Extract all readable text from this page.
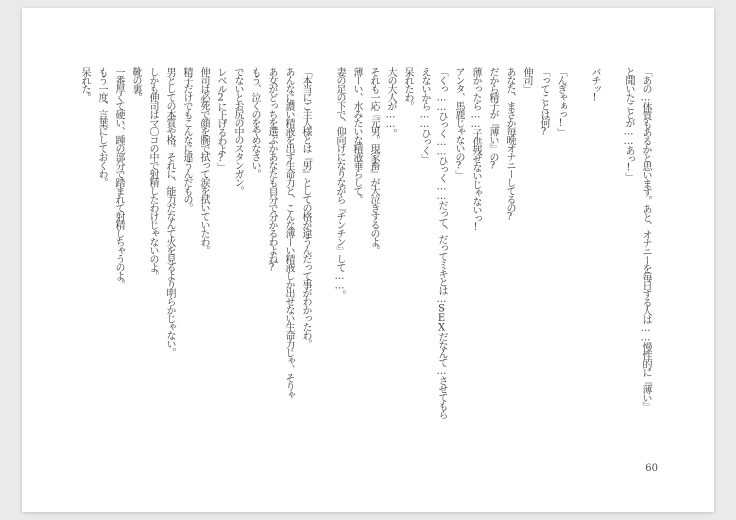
「あの…体質もあるかと思います。あと、オナニーを毎日する人は……慢性的に『薄い』
と聞いたことが……あっ!」

バチッ!

「んぎゃぁっ!」
「ってことは何?
伸司」
あなた、まさか毎晩オナニーしてるの?
だから精子が『薄い』の?
薄かったら……子供残せないじゃないっ!
アンタ、馬鹿じゃないの?」
「くっ……ひっく……ひっく……だって、だってミキとは…SEXだなんて…させてもら
えないから……ひっく」
呆れたわ。
大の大人が……。
それも一応『元男。現家畜』が大泣きするのよ。
薄ーい、水みたいな精液垂らして。
妻の足の下で、仰向けになりながら『チンチン』して……。

「本当にご主人様とは『男』としての格が違うんだって事がわかったわ。
あんなに濃い精液を出す生命力と、こんな薄ーい精液しか出せない生命力じゃ、そりゃ
あ女がどっちを選ぶかあなたも自分で分かるわよね?
もう、泣くのをやめなさい。
でないとお尻の中のスタンガン。
レベル2に上げるわよ?」
伸司は必死で顔を腕で拭って涙を拭いていたわ。
精子だけでもこんなに違うんだもの。
男としての本質や格。それに、能力だなんて火を見るより明らかじゃない。
しかも伸司はマ〇コの中で射精したわけじゃないのよ。
靴の裏。
一番厚くて硬い、踵の部分で踏まれて射精しちゃうのよ。
もう一度、言葉にしておくわ。
呆れた。
60
